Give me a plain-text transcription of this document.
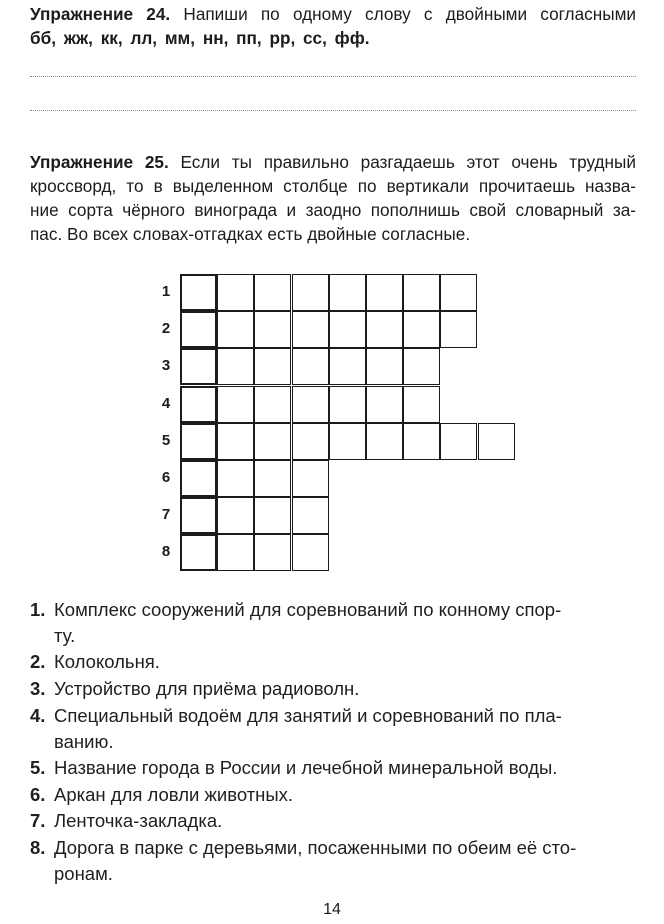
Упражнение 24. Напиши по одному слову с двойными согласными
бб, жж, кк, лл, мм, нн, пп, рр, сс, фф.
Упражнение 25. Если ты правильно разгадаешь этот очень трудный
кроссворд, то в выделенном столбце по вертикали прочитаешь назва-
ние сорта чёрного винограда и заодно пополнишь свой словарный за-
пас. Во всех словах-отгадках есть двойные согласные.
1
2
3
4
5
6
7
8
1. Комплекс сооружений для соревнований по конному спор-
ту.
2. Колокольня.
3. Устройство для приёма радиоволн.
4. Специальный водоём для занятий и соревнований по пла-
ванию.
5. Название города в России и лечебной минеральной воды.
6. Аркан для ловли животных.
7. Ленточка-закладка.
8. Дорога в парке с деревьями, посаженными по обеим её сто-
ронам.
14
